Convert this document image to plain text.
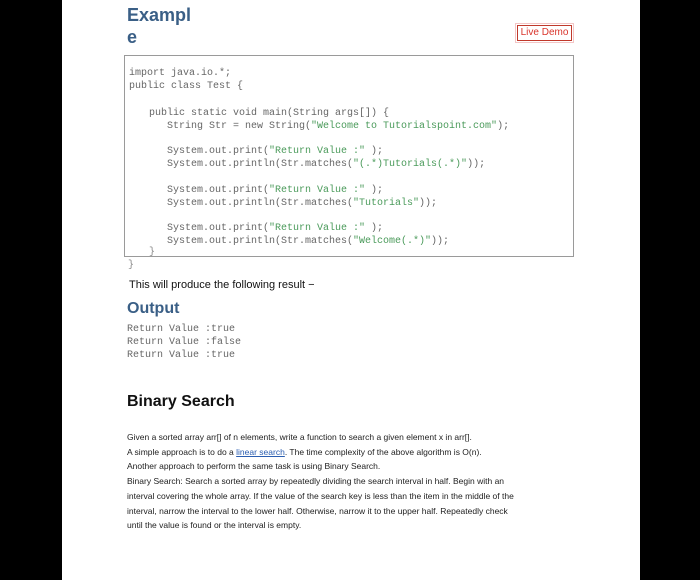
Exampl
e	Live Demo
import java.io.*;
public class Test {
public static void main(String args[]) {
String Str = new String("Welcome to Tutorialspoint.com");
System.out.print("Return Value :" );
System.out.println(Str.matches("(.*)Tutorials(.*)"));
System.out.print("Return Value :" );
System.out.println(Str.matches("Tutorials"));
System.out.print("Return Value :" );
System.out.println(Str.matches("Welcome(.*)"));
}
}
This will produce the following result −
Output
Return Value :true
Return Value :false
Return Value :true
Binary Search
Given a sorted array arr[] of n elements, write a function to search a given element x in arr[].
A simple approach is to do a linear search. The time complexity of the above algorithm is O(n).
Another approach to perform the same task is using Binary Search.
Binary Search: Search a sorted array by repeatedly dividing the search interval in half. Begin with an
interval covering the whole array. If the value of the search key is less than the item in the middle of the
interval, narrow the interval to the lower half. Otherwise, narrow it to the upper half. Repeatedly check
until the value is found or the interval is empty.
